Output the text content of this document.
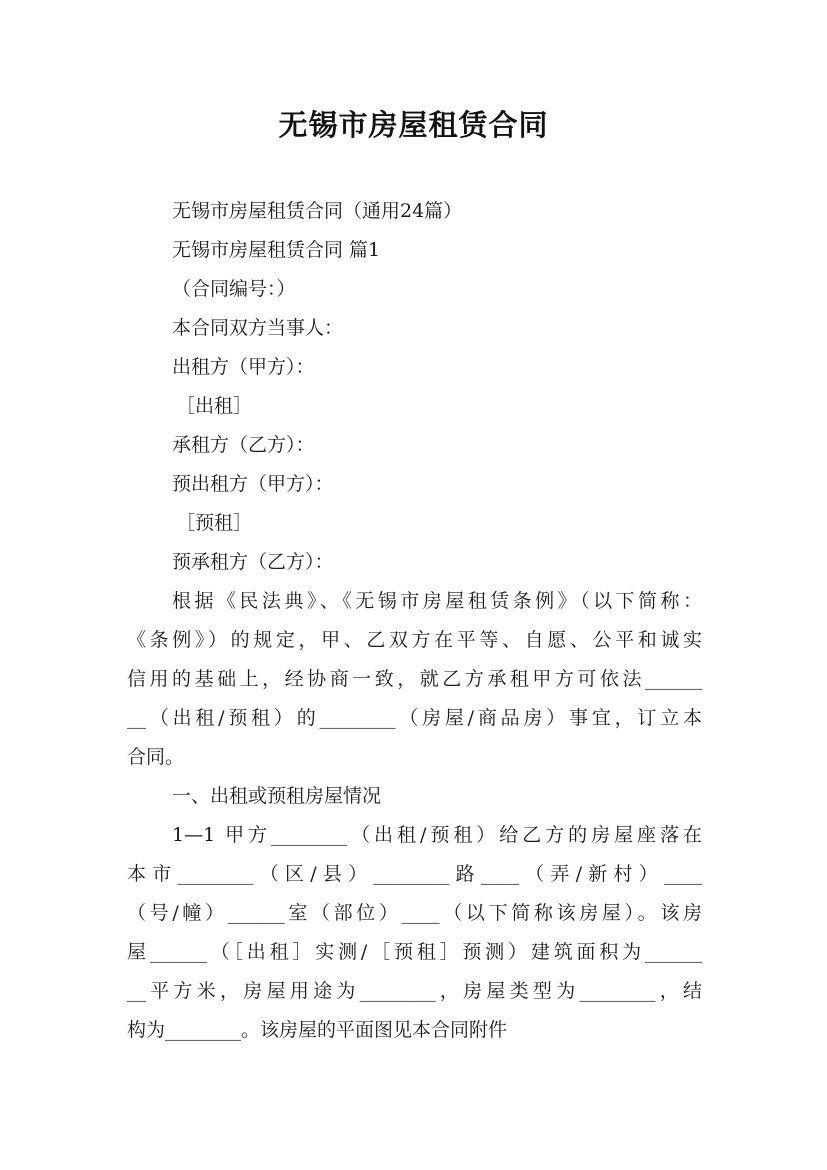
无锡市房屋租赁合同
无锡市房屋租赁合同（通用24篇）
无锡市房屋租赁合同 篇1
（合同编号：）
本合同双方当事人：
出租方（甲方）：
［出租］
承租方（乙方）：
预出租方（甲方）：
［预租］
预承租方（乙方）：
根据《民法典》、《无锡市房屋租赁条例》（以下简称：
《条例》）的规定，甲、乙双方在平等、自愿、公平和诚实
信用的基础上，经协商一致，就乙方承租甲方可依法______
__（出租/预租）的________（房屋/商品房）事宜，订立本
合同。
一、出租或预租房屋情况
1—1 甲方________（出租/预租）给乙方的房屋座落在
本市________（区/县）________路____（弄/新村）____
（号/幢）______室（部位）____（以下简称该房屋）。该房
屋______（［出租］实测/［预租］预测）建筑面积为______
__平方米，房屋用途为________，房屋类型为________，结
构为________。该房屋的平面图见本合同附件
